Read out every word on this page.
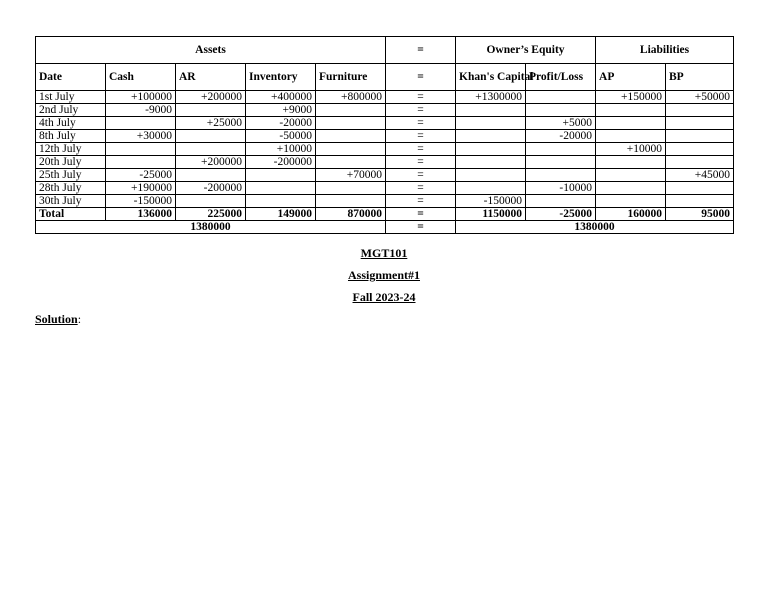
Assets					=	Owner’s Equity		Liabilities	
Date	Cash	AR	Inventory	Furniture	=	Khan's Capital	Profit/Loss	AP	BP
1st July	+100000	+200000	+400000	+800000	=	+1300000		+150000	+50000
2nd July	-9000		+9000		=				
4th July		+25000	-20000		=		+5000		
8th July	+30000		-50000		=		-20000		
12th July			+10000		=			+10000	
20th July		+200000	-200000		=				
25th July	-25000			+70000	=				+45000
28th July	+190000	-200000			=		-10000		
30th July	-150000				=	-150000			
Total	136000	225000	149000	870000	=	1150000	-25000	160000	95000
1380000					=	1380000			
MGT101
Assignment#1
Fall 2023-24
Solution:
